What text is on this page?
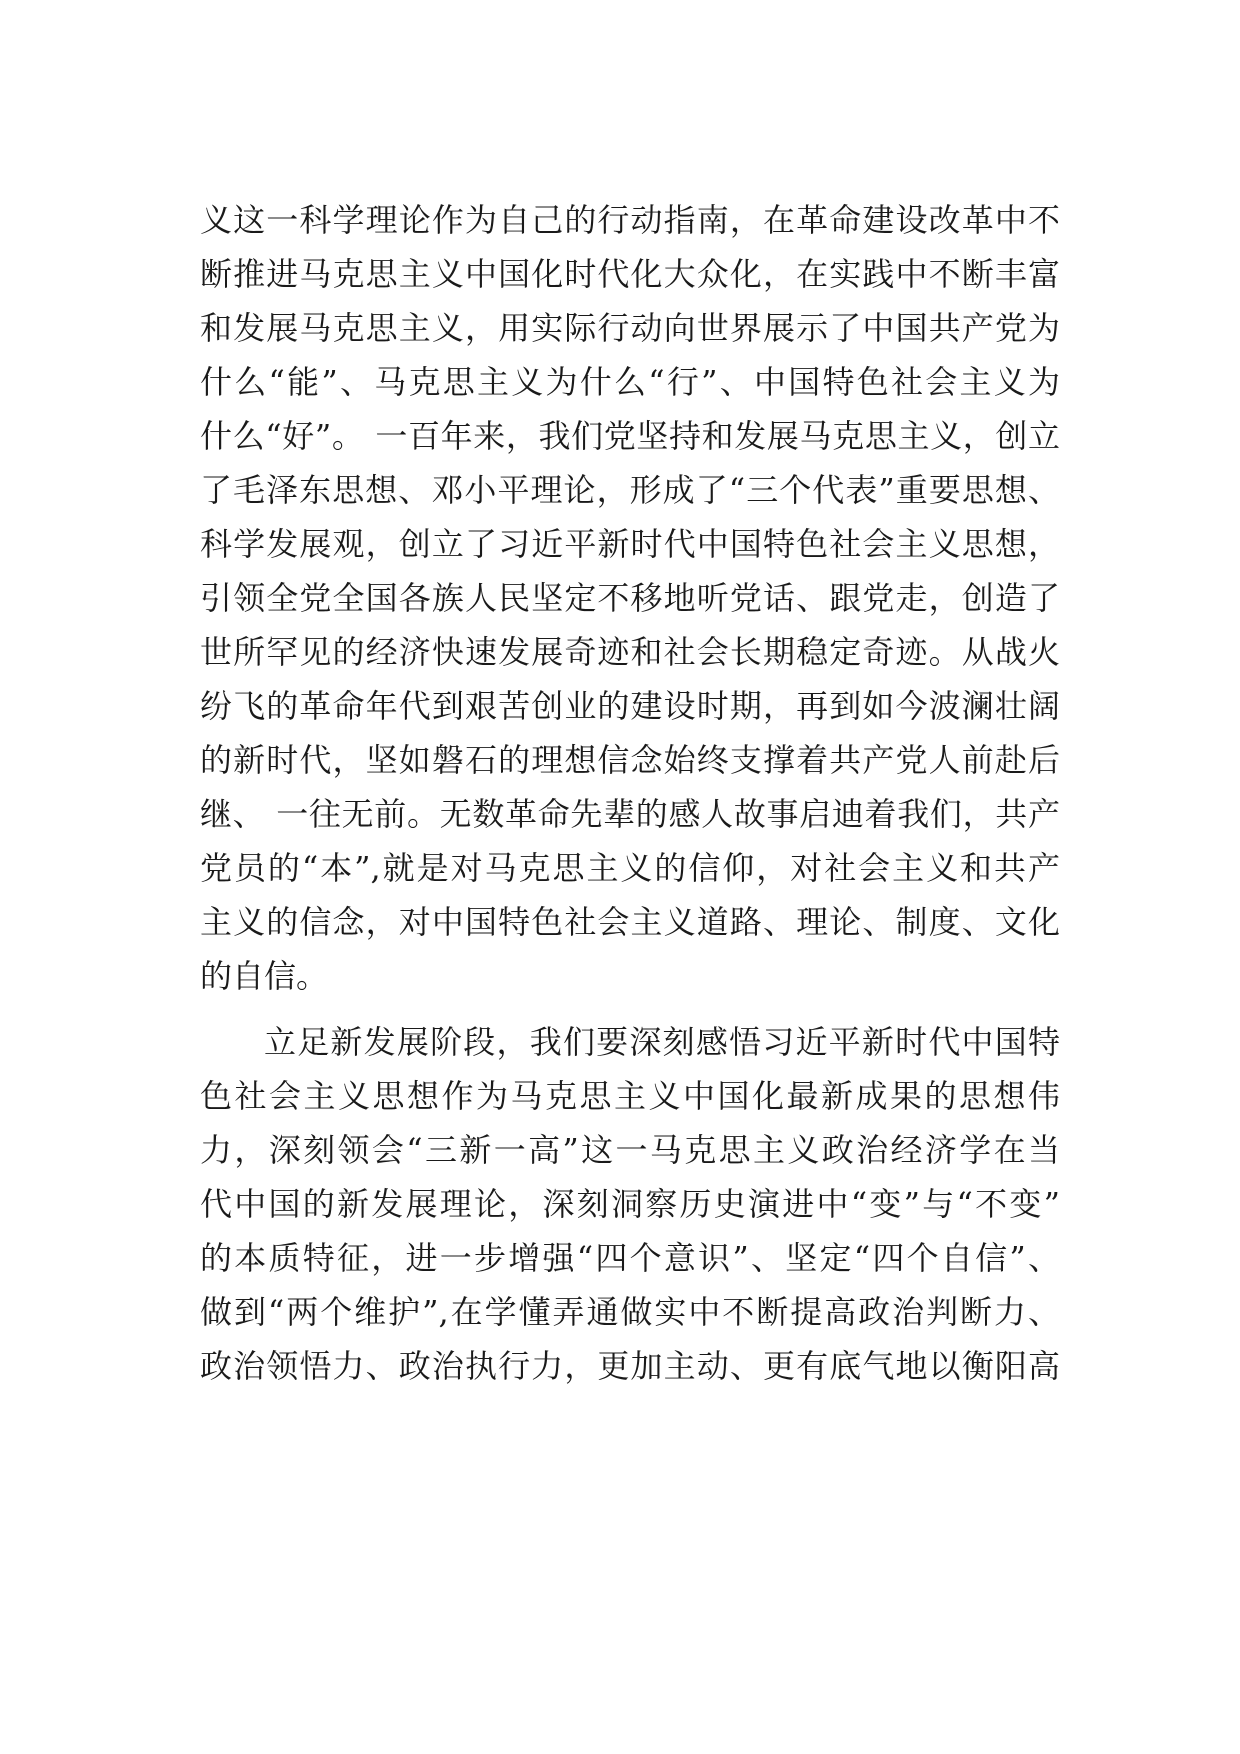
义这一科学理论作为自己的行动指南，在革命建设改革中不
断推进马克思主义中国化时代化大众化，在实践中不断丰富
和发展马克思主义，用实际行动向世界展示了中国共产党为
什么“能”、马克思主义为什么“行”、中国特色社会主义为
什么“好”。 一百年来，我们党坚持和发展马克思主义，创立
了毛泽东思想、邓小平理论，形成了“三个代表”重要思想、
科学发展观，创立了习近平新时代中国特色社会主义思想，
引领全党全国各族人民坚定不移地听党话、跟党走，创造了
世所罕见的经济快速发展奇迹和社会长期稳定奇迹。从战火
纷飞的革命年代到艰苦创业的建设时期，再到如今波澜壮阔
的新时代，坚如磐石的理想信念始终支撑着共产党人前赴后
继、 一往无前。无数革命先辈的感人故事启迪着我们，共产
党员的“本”,就是对马克思主义的信仰，对社会主义和共产
主义的信念，对中国特色社会主义道路、理论、制度、文化
的自信。
立足新发展阶段，我们要深刻感悟习近平新时代中国特
色社会主义思想作为马克思主义中国化最新成果的思想伟
力，深刻领会“三新一高”这一马克思主义政治经济学在当
代中国的新发展理论，深刻洞察历史演进中“变”与“不变”
的本质特征，进一步增强“四个意识”、坚定“四个自信”、
做到“两个维护”,在学懂弄通做实中不断提高政治判断力、
政治领悟力、政治执行力，更加主动、更有底气地以衡阳高
